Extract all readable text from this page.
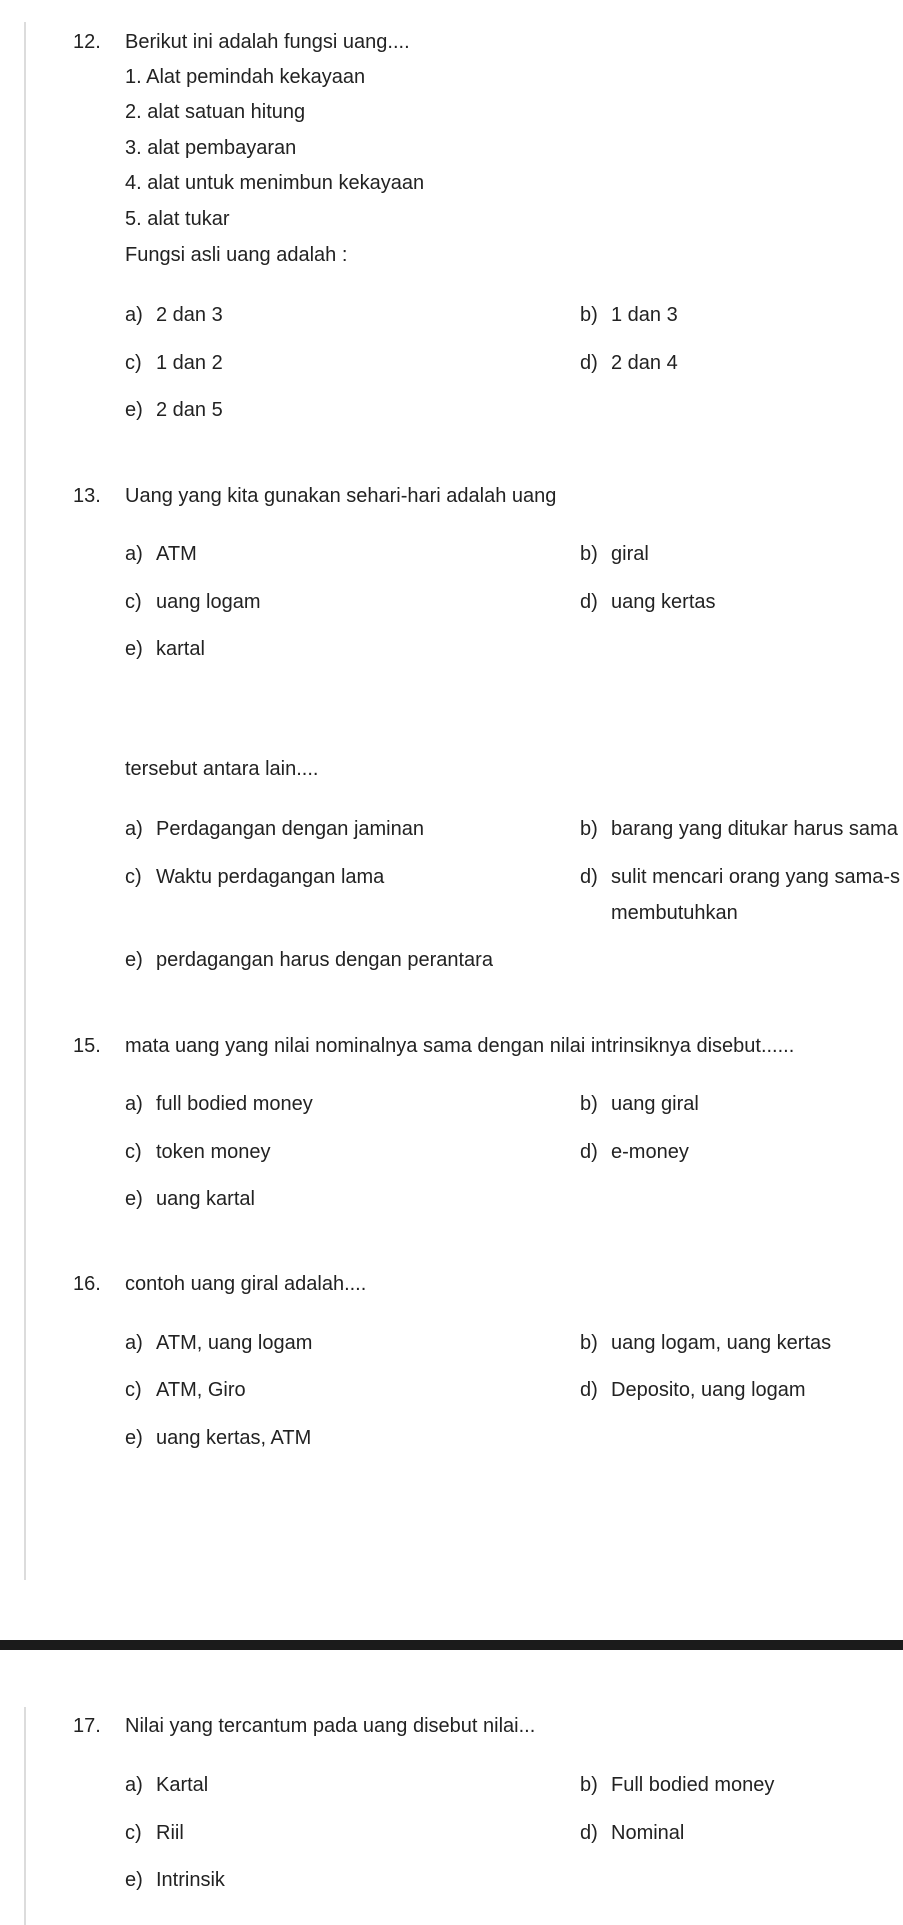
12. Berikut ini adalah fungsi uang....
1. Alat pemindah kekayaan
2. alat satuan hitung
3. alat pembayaran
4. alat untuk menimbun kekayaan
5. alat tukar
Fungsi asli uang adalah :
a) 2 dan 3	b) 1 dan 3
c) 1 dan 2	d) 2 dan 4
e) 2 dan 5
13. Uang yang kita gunakan sehari-hari adalah uang
a) ATM	b) giral
c) uang logam	d) uang kertas
e) kartal
tersebut antara lain....
a) Perdagangan dengan jaminan	b) barang yang ditukar harus sama
c) Waktu perdagangan lama	d) sulit mencari orang yang sama-s
membutuhkan
e) perdagangan harus dengan perantara
15. mata uang yang nilai nominalnya sama dengan nilai intrinsiknya disebut......
a) full bodied money	b) uang giral
c) token money	d) e-money
e) uang kartal
16. contoh uang giral adalah....
a) ATM, uang logam	b) uang logam, uang kertas
c) ATM, Giro	d) Deposito, uang logam
e) uang kertas, ATM
17. Nilai yang tercantum pada uang disebut nilai...
a) Kartal	b) Full bodied money
c) Riil	d) Nominal
e) Intrinsik
